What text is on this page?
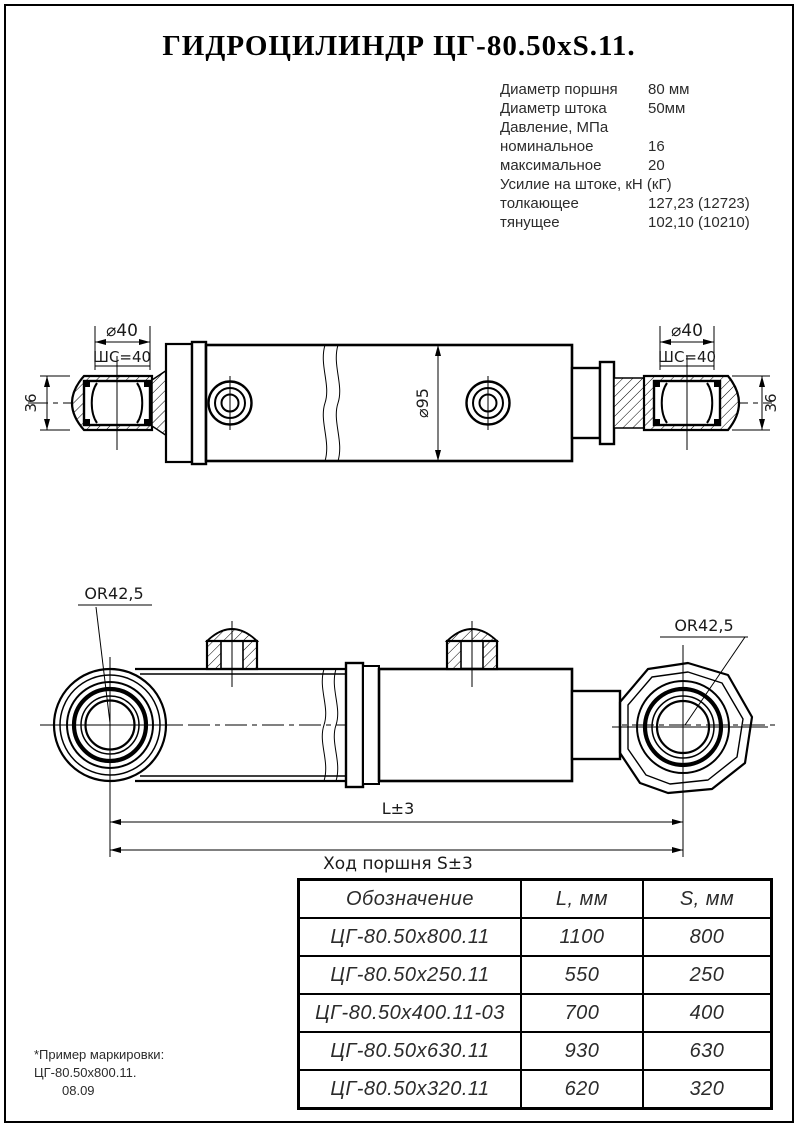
ГИДРОЦИЛИНДР ЦГ-80.50xS.11.
Диаметр поршня	80 мм
Диаметр штока	50мм
Давление, МПа
номинальное	16
максимальное	20
Усилие на штоке, кН (кГ)
толкающее	127,23 (12723)
тянущее	102,10 (10210)
36
⌀40
ШС=40
⌀95
⌀40
ШС=40
36
OR42,5
OR42,5
L±3
Ход поршня S±3
Обозначение	L, мм	S, мм
ЦГ-80.50х800.11	1100	800
ЦГ-80.50х250.11	550	250
ЦГ-80.50х400.11-03	700	400
ЦГ-80.50х630.11	930	630
ЦГ-80.50х320.11	620	320
*Пример маркировки:
ЦГ-80.50х800.11.
08.09
